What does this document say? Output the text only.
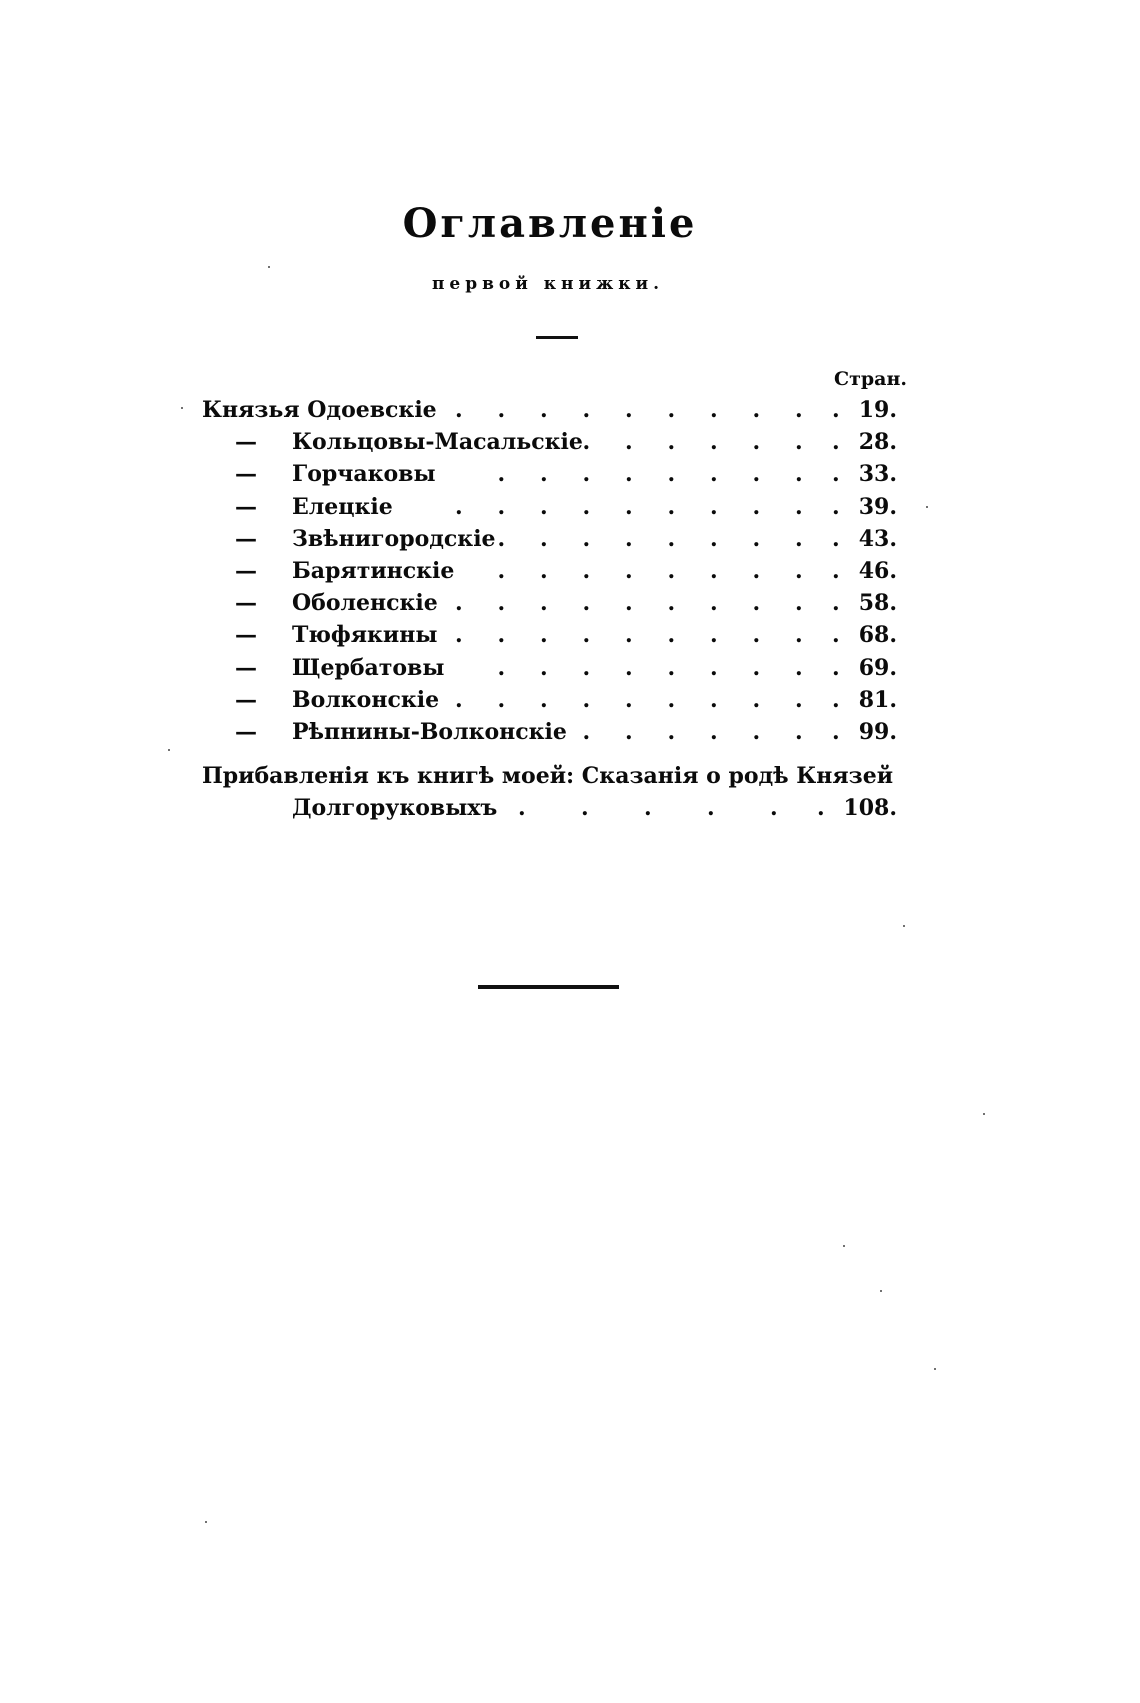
Оглавленіе
первой книжки.
Стран.
Князья Одоевскіе . . . . . . . . . . 19.
— Кольцовы-Масальскіе . . . . . . . 28.
— Горчаковы	. . . . . . . . . 33.
— Елецкіе	. . . . . . . . . . 39.
— Звѣнигородскіе . . . . . . . . . 43.
— Барятинскіе . . . . . . . . . 46.
— Оболенскіе . . . . . . . . . . 58.
— Тюфякины . . . . . . . . . . 68.
— Щербатовы . . . . . . . . . 69.
— Волконскіе . . . . . . . . . . 81.
— Рѣпнины-Волконскіе . . . . . . . 99.
Прибавленія къ книгѣ моей: Сказанія о родѣ Князей
Долгоруковыхъ .	.	.	.	. . 108.
